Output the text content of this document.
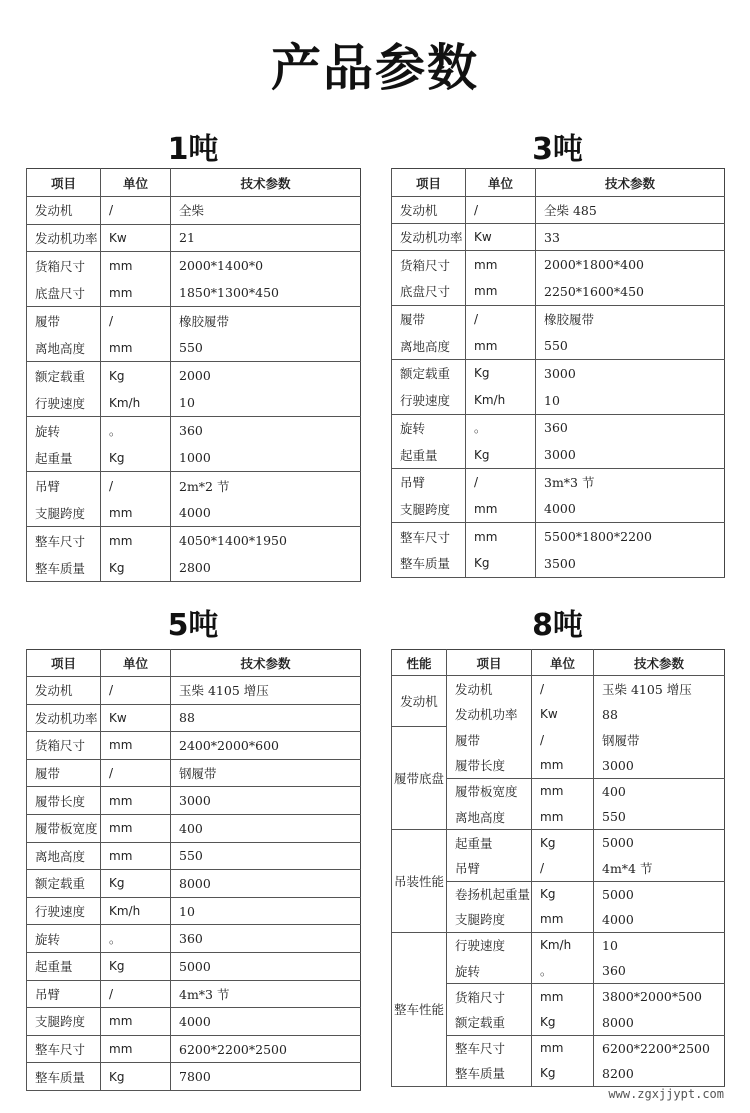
产品参数
1吨
项目	单位	技术参数
发动机	/	全柴
发动机功率	Kw	21
货箱尺寸	mm	2000*1400*0
底盘尺寸	mm	1850*1300*450
履带	/	橡胶履带
离地高度	mm	550
额定载重	Kg	2000
行驶速度	Km/h	10
旋转	。	360
起重量	Kg	1000
吊臂	/	2m*2 节
支腿跨度	mm	4000
整车尺寸	mm	4050*1400*1950
整车质量	Kg	2800
3吨
项目	单位	技术参数
发动机	/	全柴 485
发动机功率	Kw	33
货箱尺寸	mm	2000*1800*400
底盘尺寸	mm	2250*1600*450
履带	/	橡胶履带
离地高度	mm	550
额定载重	Kg	3000
行驶速度	Km/h	10
旋转	。	360
起重量	Kg	3000
吊臂	/	3m*3 节
支腿跨度	mm	4000
整车尺寸	mm	5500*1800*2200
整车质量	Kg	3500
5吨
项目	单位	技术参数
发动机	/	玉柴 4105 增压
发动机功率	Kw	88
货箱尺寸	mm	2400*2000*600
履带	/	钢履带
履带长度	mm	3000
履带板宽度	mm	400
离地高度	mm	550
额定载重	Kg	8000
行驶速度	Km/h	10
旋转	。	360
起重量	Kg	5000
吊臂	/	4m*3 节
支腿跨度	mm	4000
整车尺寸	mm	6200*2200*2500
整车质量	Kg	7800
8吨
性能	项目	单位	技术参数
发动机	发动机	/	玉柴 4105 增压
	发动机功率	Kw	88
履带底盘	履带	/	钢履带
	履带长度	mm	3000
	履带板宽度	mm	400
	离地高度	mm	550
吊装性能	起重量	Kg	5000
	吊臂	/	4m*4 节
	卷扬机起重量	Kg	5000
	支腿跨度	mm	4000
整车性能	行驶速度	Km/h	10
	旋转	。	360
	货箱尺寸	mm	3800*2000*500
	额定载重	Kg	8000
	整车尺寸	mm	6200*2200*2500
	整车质量	Kg	8200
www.zgxjjypt.com
